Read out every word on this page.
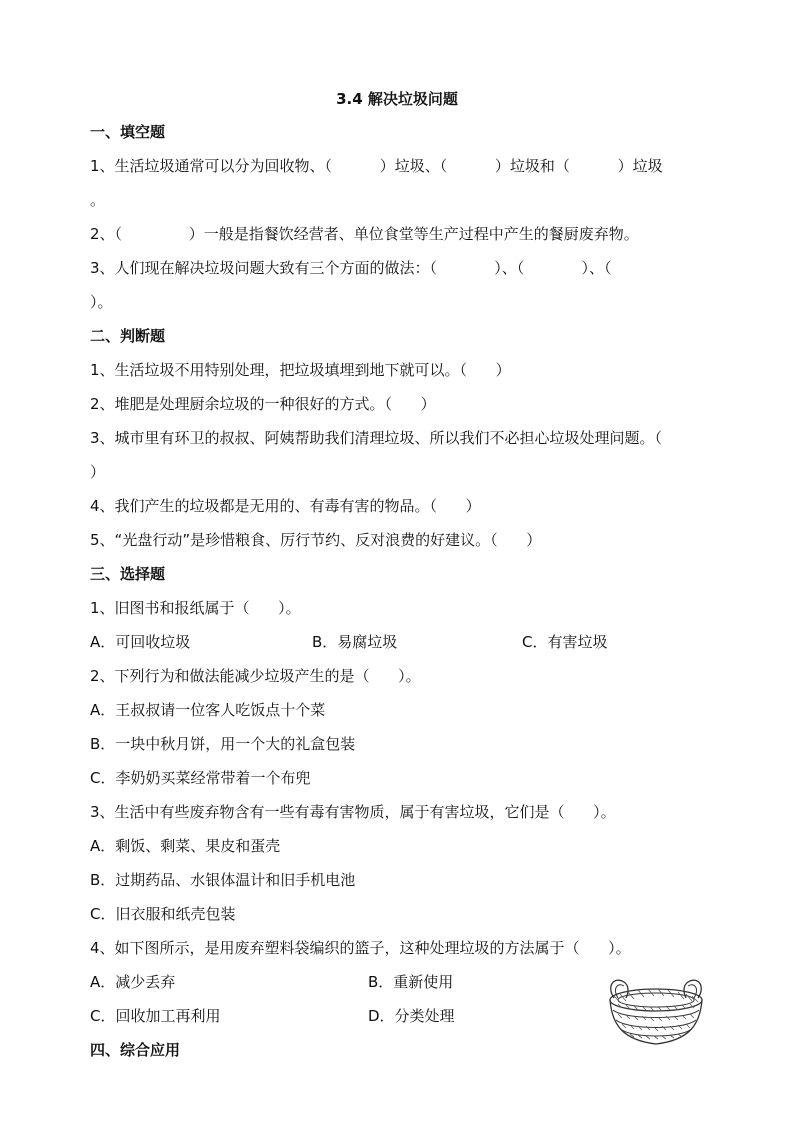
3.4 解决垃圾问题
一、填空题
1、生活垃圾通常可以分为回收物、（          ）垃圾、（          ）垃圾和（          ）垃圾
。
2、（              ）一般是指餐饮经营者、单位食堂等生产过程中产生的餐厨废弃物。
3、人们现在解决垃圾问题大致有三个方面的做法：（            ）、（            ）、（
）。
二、判断题
1、生活垃圾不用特别处理，把垃圾填埋到地下就可以。（      ）
2、堆肥是处理厨余垃圾的一种很好的方式。（      ）
3、城市里有环卫的叔叔、阿姨帮助我们清理垃圾、所以我们不必担心垃圾处理问题。（
）
4、我们产生的垃圾都是无用的、有毒有害的物品。（      ）
5、“光盘行动”是珍惜粮食、厉行节约、反对浪费的好建议。（      ）
三、选择题
1、旧图书和报纸属于（      ）。
A．可回收垃圾	B．易腐垃圾	C．有害垃圾
2、下列行为和做法能减少垃圾产生的是（      ）。
A．王叔叔请一位客人吃饭点十个菜
B．一块中秋月饼，用一个大的礼盒包装
C．李奶奶买菜经常带着一个布兜
3、生活中有些废弃物含有一些有毒有害物质，属于有害垃圾，它们是（      ）。
A．剩饭、剩菜、果皮和蛋壳
B．过期药品、水银体温计和旧手机电池
C．旧衣服和纸壳包装
4、如下图所示，是用废弃塑料袋编织的篮子，这种处理垃圾的方法属于（      ）。
A．减少丢弃	B．重新使用
C．回收加工再利用	D．分类处理
四、综合应用
